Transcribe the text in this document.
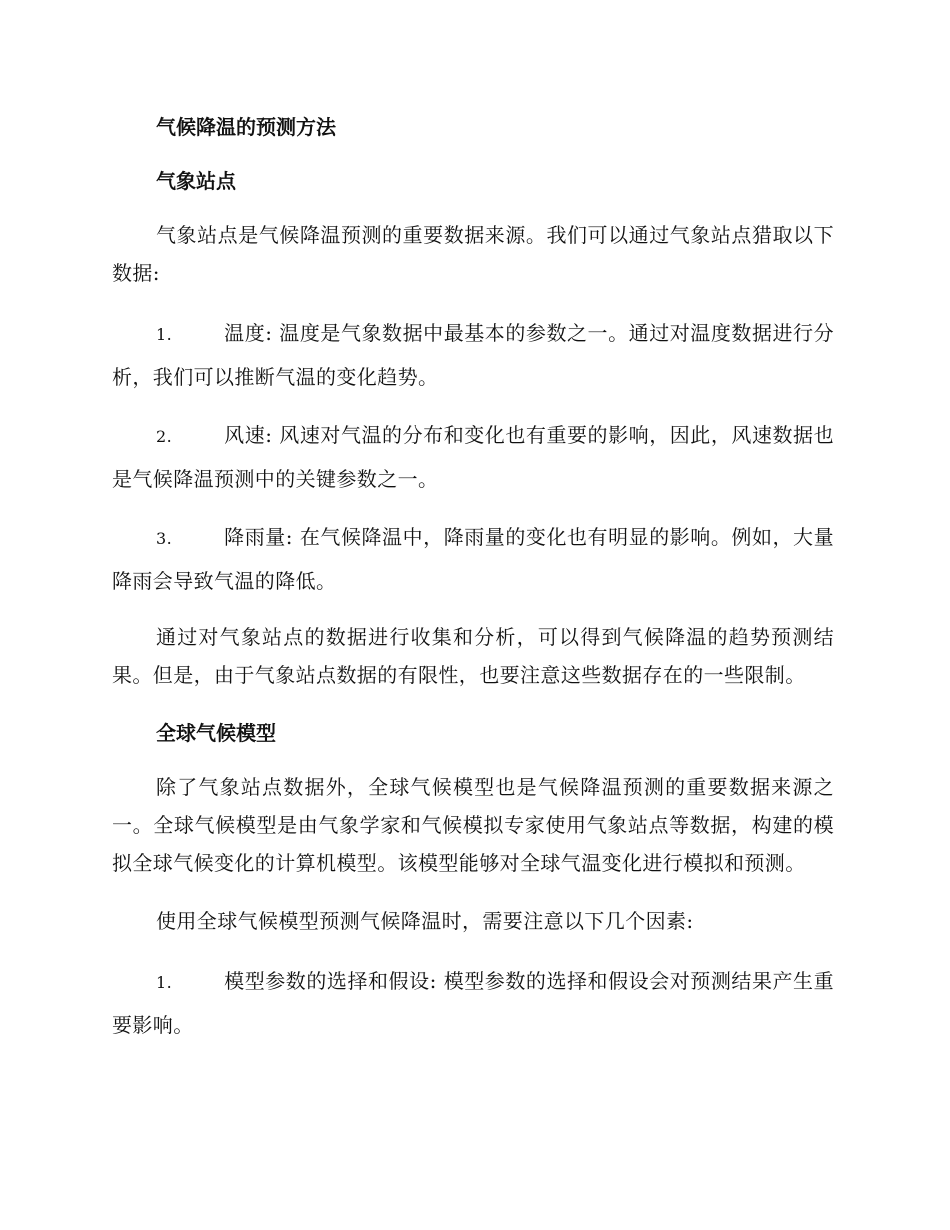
气候降温的预测方法
气象站点

气象站点是气候降温预测的重要数据来源。我们可以通过气象站点猎取以下数据:

1.	温度: 温度是气象数据中最基本的参数之一。通过对温度数据进行分析，我们可以推断气温的变化趋势。

2.	风速: 风速对气温的分布和变化也有重要的影响，因此，风速数据也是气候降温预测中的关键参数之一。

3.	降雨量: 在气候降温中，降雨量的变化也有明显的影响。例如，大量降雨会导致气温的降低。

通过对气象站点的数据进行收集和分析，可以得到气候降温的趋势预测结果。但是，由于气象站点数据的有限性，也要注意这些数据存在的一些限制。

全球气候模型

除了气象站点数据外，全球气候模型也是气候降温预测的重要数据来源之一。全球气候模型是由气象学家和气候模拟专家使用气象站点等数据，构建的模拟全球气候变化的计算机模型。该模型能够对全球气温变化进行模拟和预测。

使用全球气候模型预测气候降温时，需要注意以下几个因素:

1.	模型参数的选择和假设: 模型参数的选择和假设会对预测结果产生重要影响。
